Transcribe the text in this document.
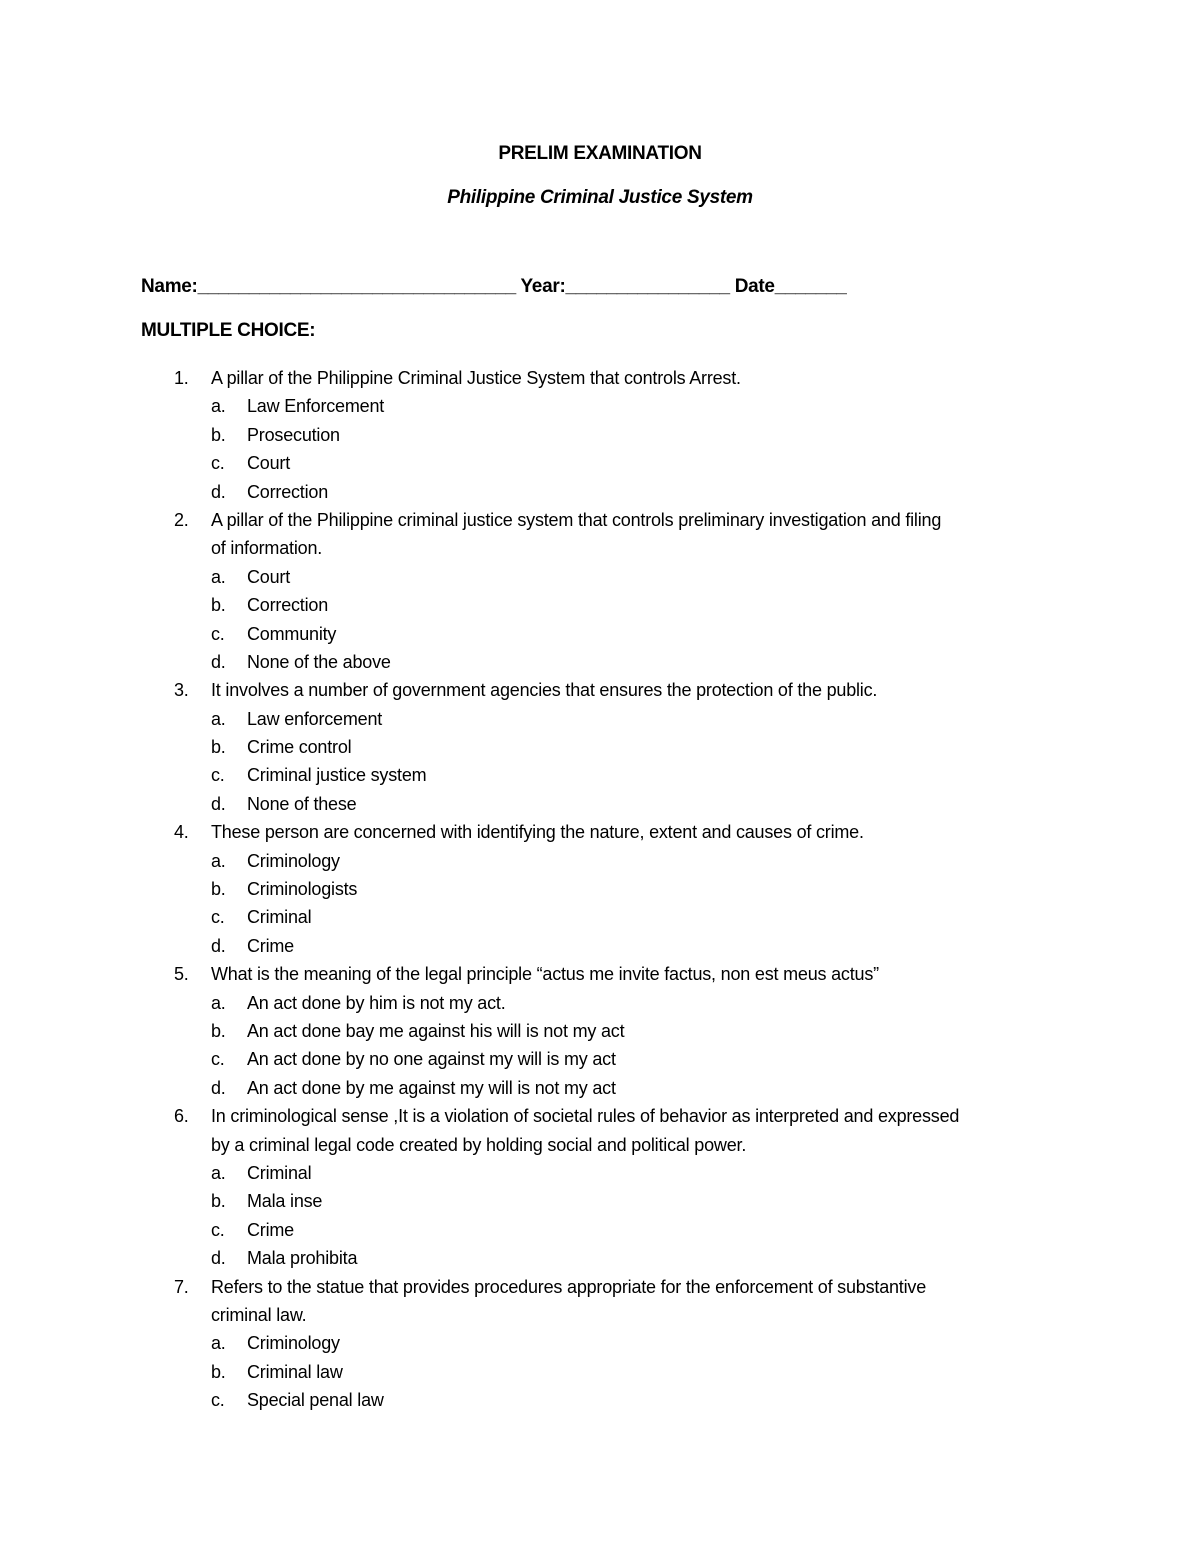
PRELIM EXAMINATION
Philippine Criminal Justice System
Name:_______________________________ Year:________________ Date_______
MULTIPLE CHOICE:
1.	A pillar of the Philippine Criminal Justice System that controls Arrest.
a. Law Enforcement
b. Prosecution
c. Court
d. Correction
2.	A pillar of the Philippine criminal justice system that controls preliminary investigation and filing
of information.
a. Court
b. Correction
c. Community
d. None of the above
3.	It involves a number of government agencies that ensures the protection of the public.
a. Law enforcement
b. Crime control
c. Criminal justice system
d. None of these
4.	These person are concerned with identifying the nature, extent and causes of crime.
a. Criminology
b. Criminologists
c. Criminal
d. Crime
5.	What is the meaning of the legal principle “actus me invite factus, non est meus actus”
a. An act done by him is not my act.
b. An act done bay me against his will is not my act
c. An act done by no one against my will is my act
d. An act done by me against my will is not my act
6.	In criminological sense ,It is a violation of societal rules of behavior as interpreted and expressed
by a criminal legal code created by holding social and political power.
a. Criminal
b. Mala inse
c. Crime
d. Mala prohibita
7.	Refers to the statue that provides procedures appropriate for the enforcement of substantive
criminal law.
a. Criminology
b. Criminal law
c. Special penal law
